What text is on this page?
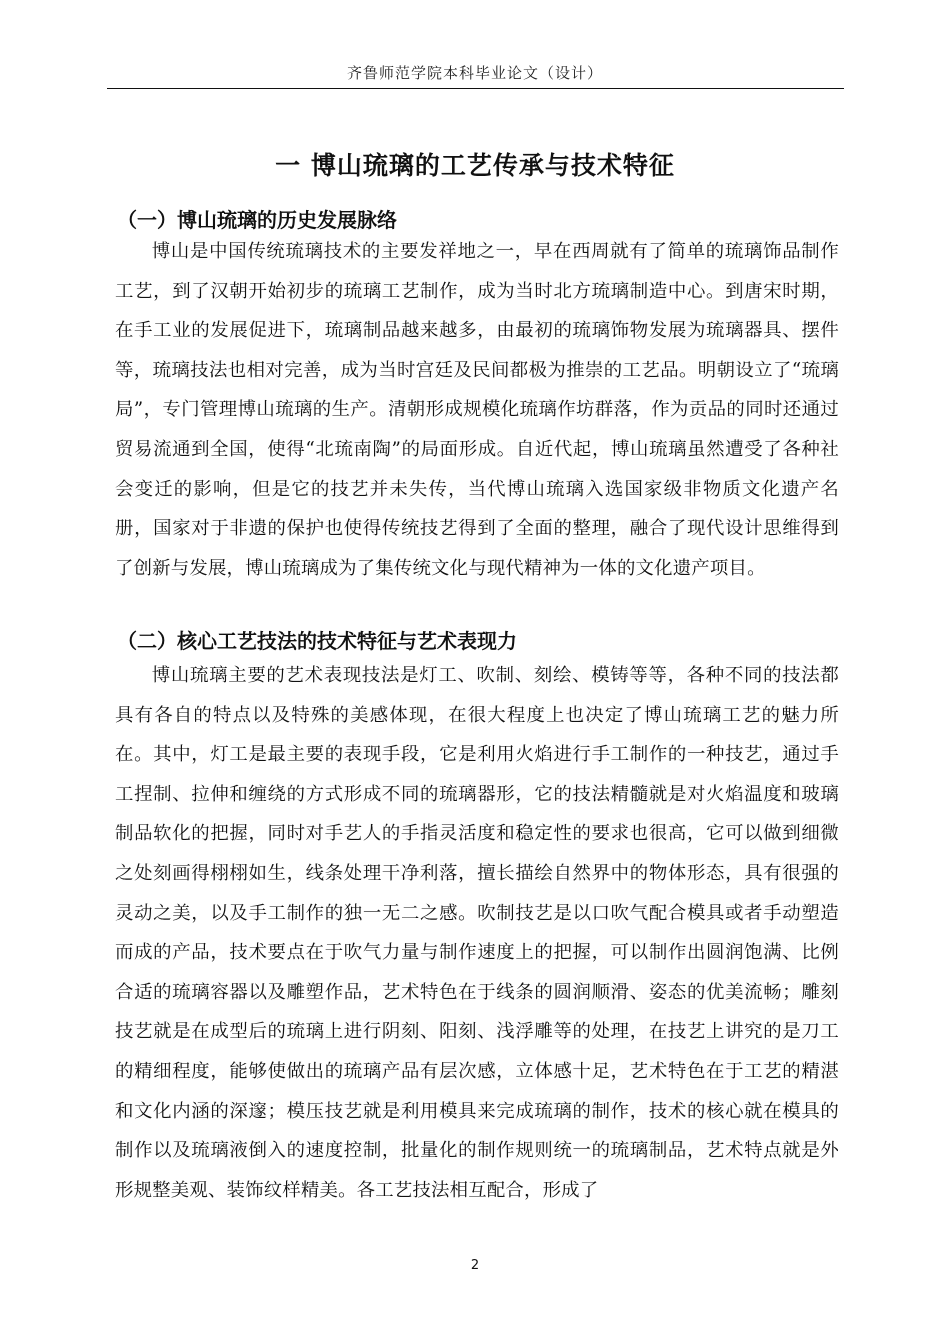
齐鲁师范学院本科毕业论文（设计）
一 博山琉璃的工艺传承与技术特征
（一）博山琉璃的历史发展脉络

博山是中国传统琉璃技术的主要发祥地之一，早在西周就有了简单的琉璃饰品制作工艺，到了汉朝开始初步的琉璃工艺制作，成为当时北方琉璃制造中心。到唐宋时期，在手工业的发展促进下，琉璃制品越来越多，由最初的琉璃饰物发展为琉璃器具、摆件等，琉璃技法也相对完善，成为当时宫廷及民间都极为推崇的工艺品。明朝设立了“琉璃局”，专门管理博山琉璃的生产。清朝形成规模化琉璃作坊群落，作为贡品的同时还通过贸易流通到全国，使得“北琉南陶”的局面形成。自近代起，博山琉璃虽然遭受了各种社会变迁的影响，但是它的技艺并未失传，当代博山琉璃入选国家级非物质文化遗产名册，国家对于非遗的保护也使得传统技艺得到了全面的整理，融合了现代设计思维得到了创新与发展，博山琉璃成为了集传统文化与现代精神为一体的文化遗产项目。

（二）核心工艺技法的技术特征与艺术表现力

博山琉璃主要的艺术表现技法是灯工、吹制、刻绘、模铸等等，各种不同的技法都具有各自的特点以及特殊的美感体现，在很大程度上也决定了博山琉璃工艺的魅力所在。其中，灯工是最主要的表现手段，它是利用火焰进行手工制作的一种技艺，通过手工捏制、拉伸和缠绕的方式形成不同的琉璃器形，它的技法精髓就是对火焰温度和玻璃制品软化的把握，同时对手艺人的手指灵活度和稳定性的要求也很高，它可以做到细微之处刻画得栩栩如生，线条处理干净利落，擅长描绘自然界中的物体形态，具有很强的灵动之美，以及手工制作的独一无二之感。吹制技艺是以口吹气配合模具或者手动塑造而成的产品，技术要点在于吹气力量与制作速度上的把握，可以制作出圆润饱满、比例合适的琉璃容器以及雕塑作品，艺术特色在于线条的圆润顺滑、姿态的优美流畅；雕刻技艺就是在成型后的琉璃上进行阴刻、阳刻、浅浮雕等的处理，在技艺上讲究的是刀工的精细程度，能够使做出的琉璃产品有层次感，立体感十足，艺术特色在于工艺的精湛和文化内涵的深邃；模压技艺就是利用模具来完成琉璃的制作，技术的核心就在模具的制作以及琉璃液倒入的速度控制，批量化的制作规则统一的琉璃制品，艺术特点就是外形规整美观、装饰纹样精美。各工艺技法相互配合，形成了

2
